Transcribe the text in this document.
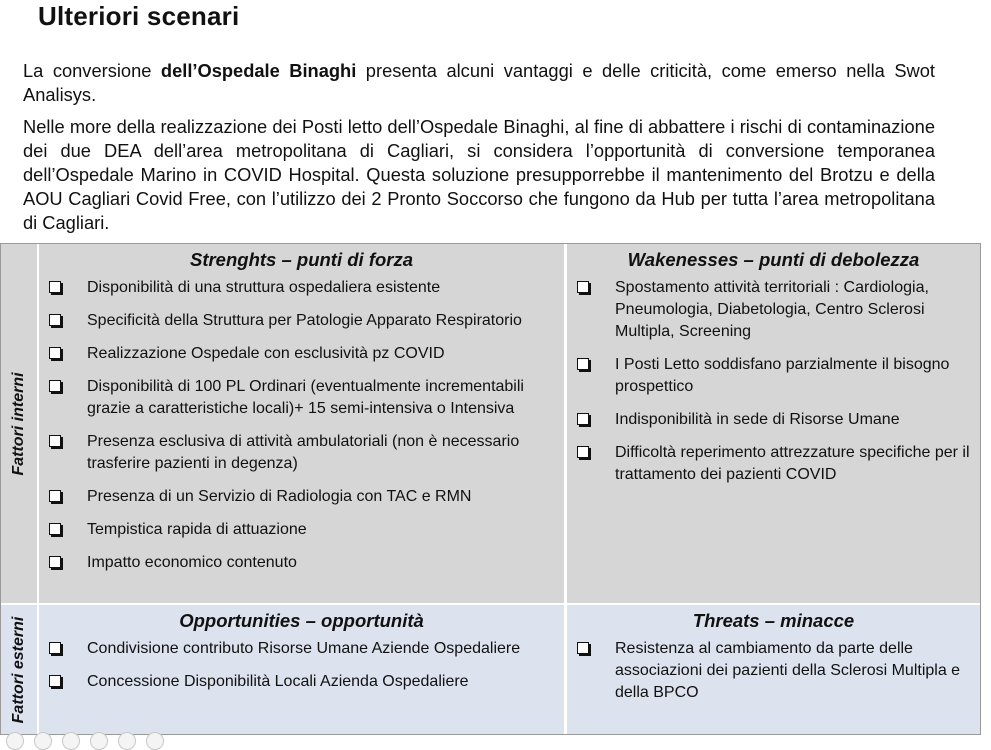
Ulteriori scenari

La conversione dell’Ospedale Binaghi presenta alcuni vantaggi e delle criticità, come emerso nella Swot Analisys.

Nelle more della realizzazione dei Posti letto dell’Ospedale Binaghi, al fine di abbattere i rischi di contaminazione dei due DEA dell’area metropolitana di Cagliari, si considera l’opportunità di conversione temporanea dell’Ospedale Marino in COVID Hospital. Questa soluzione presupporrebbe il mantenimento del Brotzu e della AOU Cagliari Covid Free, con l’utilizzo dei 2 Pronto Soccorso che fungono da Hub per tutta l’area metropolitana di Cagliari.

Fattori interni
Fattori esterni
Strenghts – punti di forza
Disponibilità di una struttura ospedaliera esistente
Specificità della Struttura per Patologie Apparato Respiratorio
Realizzazione Ospedale con esclusività pz COVID
Disponibilità di 100 PL Ordinari (eventualmente incrementabili grazie a caratteristiche locali)+ 15 semi-intensiva o Intensiva
Presenza esclusiva di attività ambulatoriali (non è necessario trasferire pazienti in degenza)
Presenza di un Servizio di Radiologia con TAC e RMN
Tempistica rapida di attuazione
Impatto economico contenuto
Wakenesses – punti di debolezza
Spostamento attività territoriali : Cardiologia, Pneumologia, Diabetologia, Centro Sclerosi Multipla, Screening
I Posti Letto soddisfano parzialmente il bisogno prospettico
Indisponibilità in sede di Risorse Umane
Difficoltà reperimento attrezzature specifiche per il trattamento dei pazienti COVID
Opportunities – opportunità
Condivisione contributo Risorse Umane Aziende Ospedaliere
Concessione Disponibilità Locali Azienda Ospedaliere
Threats – minacce
Resistenza al cambiamento da parte delle associazioni dei pazienti della Sclerosi Multipla e della BPCO
